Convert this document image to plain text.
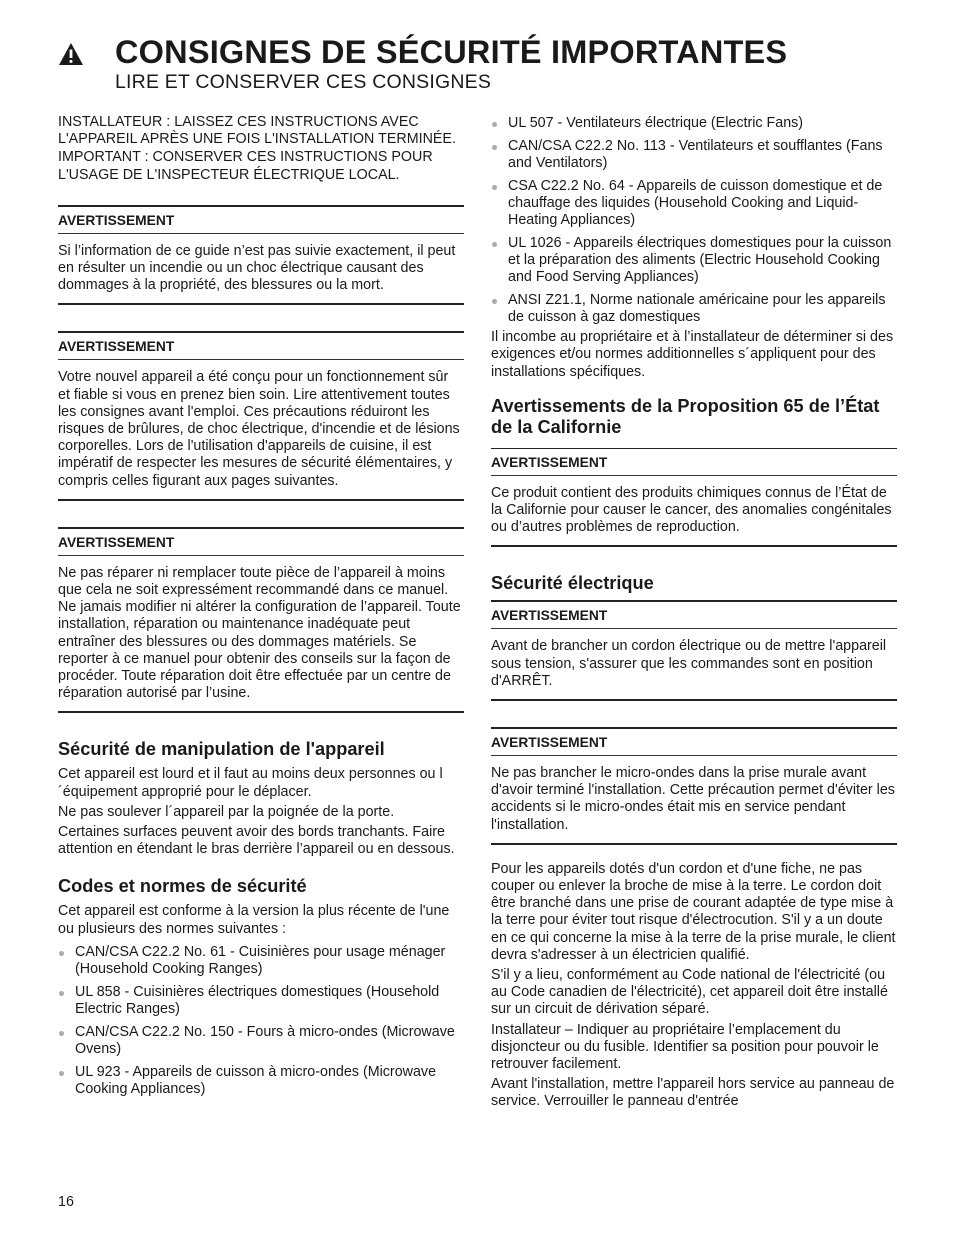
CONSIGNES DE SÉCURITÉ IMPORTANTES
LIRE ET CONSERVER CES CONSIGNES

INSTALLATEUR : LAISSEZ CES INSTRUCTIONS AVEC L'APPAREIL APRÈS UNE FOIS L'INSTALLATION TERMINÉE.

IMPORTANT : CONSERVER CES INSTRUCTIONS POUR L'USAGE DE L'INSPECTEUR ÉLECTRIQUE LOCAL.

AVERTISSEMENT

Si l’information de ce guide n’est pas suivie exactement, il peut en résulter un incendie ou un choc électrique causant des dommages à la propriété, des blessures ou la mort.

AVERTISSEMENT

Votre nouvel appareil a été conçu pour un fonctionnement sûr et fiable si vous en prenez bien soin. Lire attentivement toutes les consignes avant l'emploi. Ces précautions réduiront les risques de brûlures, de choc électrique, d'incendie et de lésions corporelles. Lors de l'utilisation d'appareils de cuisine, il est impératif de respecter les mesures de sécurité élémentaires, y compris celles figurant aux pages suivantes.

AVERTISSEMENT

Ne pas réparer ni remplacer toute pièce de l’appareil à moins que cela ne soit expressément recommandé dans ce manuel. Ne jamais modifier ni altérer la configuration de l’appareil. Toute installation, réparation ou maintenance inadéquate peut entraîner des blessures ou des dommages matériels. Se reporter à ce manuel pour obtenir des conseils sur la façon de procéder. Toute réparation doit être effectuée par un centre de réparation autorisé par l’usine.

Sécurité de manipulation de l'appareil

Cet appareil est lourd et il faut au moins deux personnes ou l´équipement approprié pour le déplacer.

Ne pas soulever l´appareil par la poignée de la porte.

Certaines surfaces peuvent avoir des bords tranchants. Faire attention en étendant le bras derrière l’appareil ou en dessous.

Codes et normes de sécurité

Cet appareil est conforme à la version la plus récente de l'une ou plusieurs des normes suivantes :

CAN/CSA C22.2 No. 61 - Cuisinières pour usage ménager (Household Cooking Ranges)
UL 858 - Cuisinières électriques domestiques (Household Electric Ranges)
CAN/CSA C22.2 No. 150 - Fours à micro-ondes (Microwave Ovens)
UL 923 - Appareils de cuisson à micro-ondes (Microwave Cooking Appliances)
UL 507 - Ventilateurs électrique (Electric Fans)
CAN/CSA C22.2 No. 113 - Ventilateurs et soufflantes (Fans and Ventilators)
CSA C22.2 No. 64 - Appareils de cuisson domestique et de chauffage des liquides (Household Cooking and Liquid-Heating Appliances)
UL 1026 - Appareils électriques domestiques pour la cuisson et la préparation des aliments (Electric Household Cooking and Food Serving Appliances)
ANSI Z21.1, Norme nationale américaine pour les appareils de cuisson à gaz domestiques

Il incombe au propriétaire et à l’installateur de déterminer si des exigences et/ou normes additionnelles s´appliquent pour des installations spécifiques.

Avertissements de la Proposition 65 de l’État de la Californie
AVERTISSEMENT

Ce produit contient des produits chimiques connus de l’État de la Californie pour causer le cancer, des anomalies congénitales ou d’autres problèmes de reproduction.

Sécurité électrique
AVERTISSEMENT

Avant de brancher un cordon électrique ou de mettre l'appareil sous tension, s'assurer que les commandes sont en position d'ARRÊT.

AVERTISSEMENT

Ne pas brancher le micro-ondes dans la prise murale avant d'avoir terminé l'installation. Cette précaution permet d'éviter les accidents si le micro-ondes était mis en service pendant l'installation.

Pour les appareils dotés d'un cordon et d'une fiche, ne pas couper ou enlever la broche de mise à la terre. Le cordon doit être branché dans une prise de courant adaptée de type mise à la terre pour éviter tout risque d'électrocution. S'il y a un doute en ce qui concerne la mise à la terre de la prise murale, le client devra s'adresser à un électricien qualifié.

S'il y a lieu, conformément au Code national de l'électricité (ou au Code canadien de l'électricité), cet appareil doit être installé sur un circuit de dérivation séparé.

Installateur – Indiquer au propriétaire l’emplacement du disjoncteur ou du fusible. Identifier sa position pour pouvoir le retrouver facilement.

Avant l'installation, mettre l'appareil hors service au panneau de service. Verrouiller le panneau d'entrée

16
